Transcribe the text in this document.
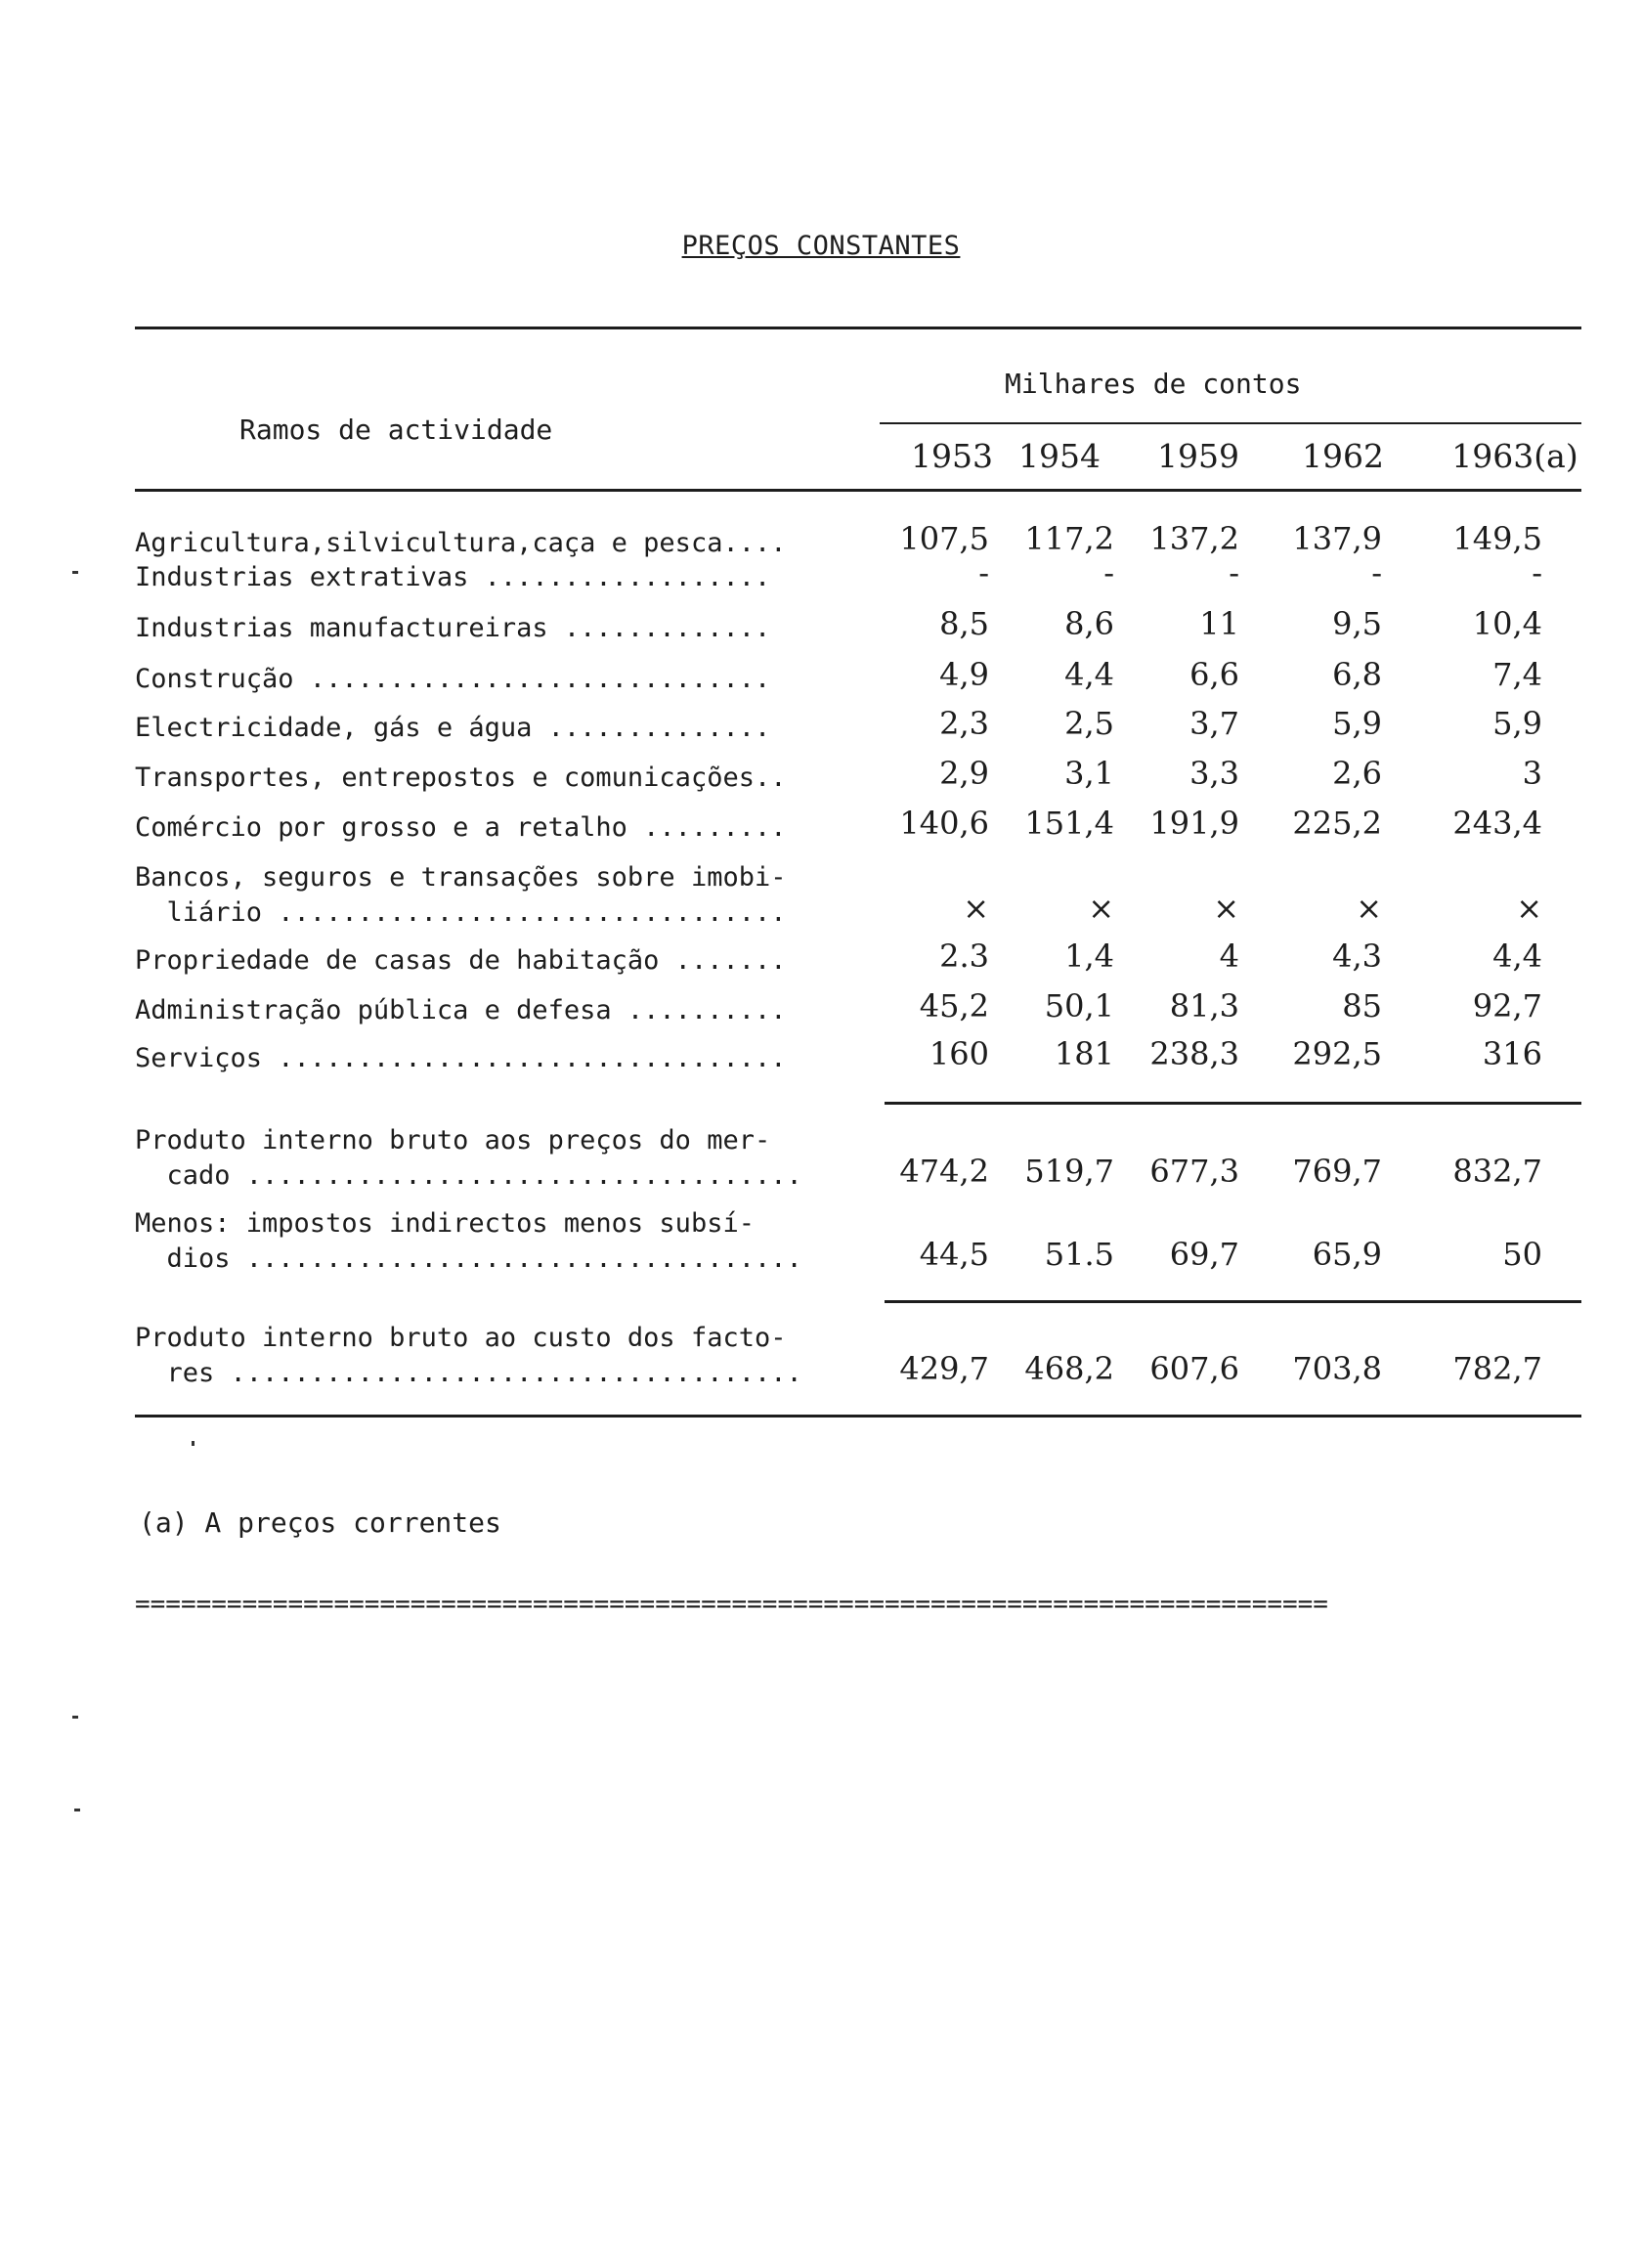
PREÇOS CONSTANTES
Milhares de contos
Ramos de actividade
1953 1954	1959	1962	1963(a)
Agricultura,silvicultura,caça e pesca....	107,5	117,2	137,2	137,9	149,5
Industrias extrativas ..................	-	-	-	-	-
Industrias manufactureiras .............	8,5	8,6	11	9,5	10,4
Construção .............................	4,9	4,4	6,6	6,8	7,4
Electricidade, gás e água ..............	2,3	2,5	3,7	5,9	5,9
Transportes, entrepostos e comunicações..	2,9	3,1	3,3	2,6	3
Comércio por grosso e a retalho .........	140,6	151,4	191,9	225,2	243,4
Bancos, seguros e transações sobre imobi-
liário ................................	×	×	×	×	×
Propriedade de casas de habitação .......	2.3	1,4	4	4,3	4,4
Administração pública e defesa ..........	45,2	50,1	81,3	85	92,7
Serviços ................................	160	181	238,3	292,5	316
Produto interno bruto aos preços do mer-
cado ...................................	474,2	519,7	677,3	769,7	832,7
Menos: impostos indirectos menos subsí-
dios ...................................	44,5	51.5	69,7	65,9	50
Produto interno bruto ao custo dos facto-
res ....................................	429,7	468,2	607,6	703,8	782,7
(a) A preços correntes
==============================================================================
